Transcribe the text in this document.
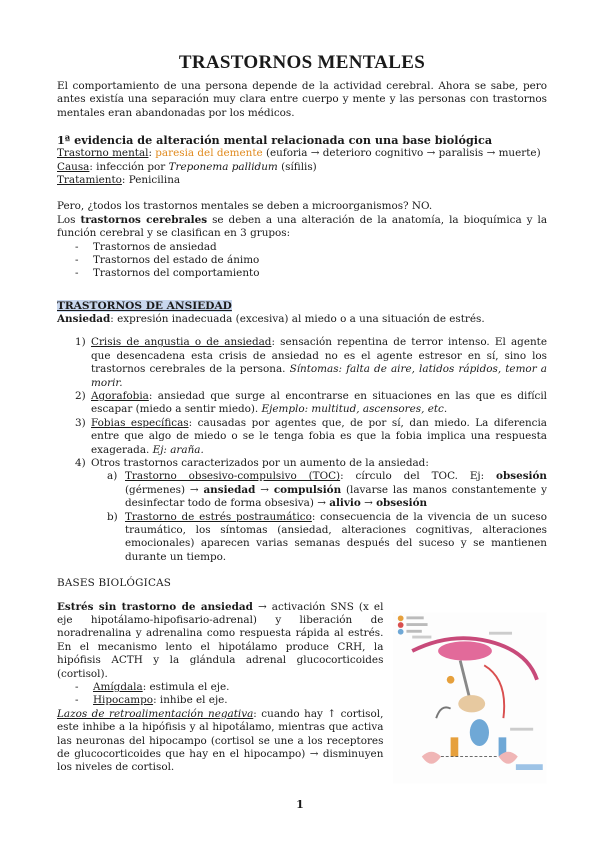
TRASTORNOS MENTALES

El comportamiento de una persona depende de la actividad cerebral. Ahora se sabe, pero antes existía una separación muy clara entre cuerpo y mente y las personas con trastornos mentales eran abandonadas por los médicos.

1ª evidencia de alteración mental relacionada con una base biológica
Trastorno mental: paresia del demente (euforia → deterioro cognitivo → paralisis → muerte)
Causa: infección por Treponema pallidum (sífilis)
Tratamiento: Penicilina

Pero, ¿todos los trastornos mentales se deben a microorganismos? NO.

Los trastornos cerebrales se deben a una alteración de la anatomía, la bioquímica y la función cerebral y se clasifican en 3 grupos:

- Trastornos de ansiedad
- Trastornos del estado de ánimo
- Trastornos del comportamiento
TRASTORNOS DE ANSIEDAD
Ansiedad: expresión inadecuada (excesiva) al miedo o a una situación de estrés.
1) Crisis de angustia o de ansiedad: sensación repentina de terror intenso. El agente que desencadena esta crisis de ansiedad no es el agente estresor en sí, sino los trastornos cerebrales de la persona. Síntomas: falta de aire, latidos rápidos, temor a morir.
2) Agorafobia: ansiedad que surge al encontrarse en situaciones en las que es difícil escapar (miedo a sentir miedo). Ejemplo: multitud, ascensores, etc.
3) Fobias específicas: causadas por agentes que, de por sí, dan miedo. La diferencia entre que algo de miedo o se le tenga fobia es que la fobia implica una respuesta exagerada. Ej: araña.
4) Otros trastornos caracterizados por un aumento de la ansiedad:
a) Trastorno obsesivo-compulsivo (TOC): círculo del TOC. Ej: obsesión (gérmenes) → ansiedad → compulsión (lavarse las manos constantemente y desinfectar todo de forma obsesiva) → alivio → obsesión
b) Trastorno de estrés postraumático: consecuencia de la vivencia de un suceso traumático, los síntomas (ansiedad, alteraciones cognitivas, alteraciones emocionales) aparecen varias semanas después del suceso y se mantienen durante un tiempo.
BASES BIOLÓGICAS

Estrés sin trastorno de ansiedad → activación SNS (x el eje hipotálamo-hipofisario-adrenal) y liberación de noradrenalina y adrenalina como respuesta rápida al estrés. En el mecanismo lento el hipotálamo produce CRH, la hipófisis ACTH y la glándula adrenal glucocorticoides (cortisol).

- Amígdala: estimula el eje.
- Hipocampo: inhibe el eje.

Lazos de retroalimentación negativa: cuando hay ↑ cortisol, este inhibe a la hipófisis y al hipotálamo, mientras que activa las neuronas del hipocampo (cortisol se une a los receptores de glucocorticoides que hay en el hipocampo) → disminuyen los niveles de cortisol.

1
